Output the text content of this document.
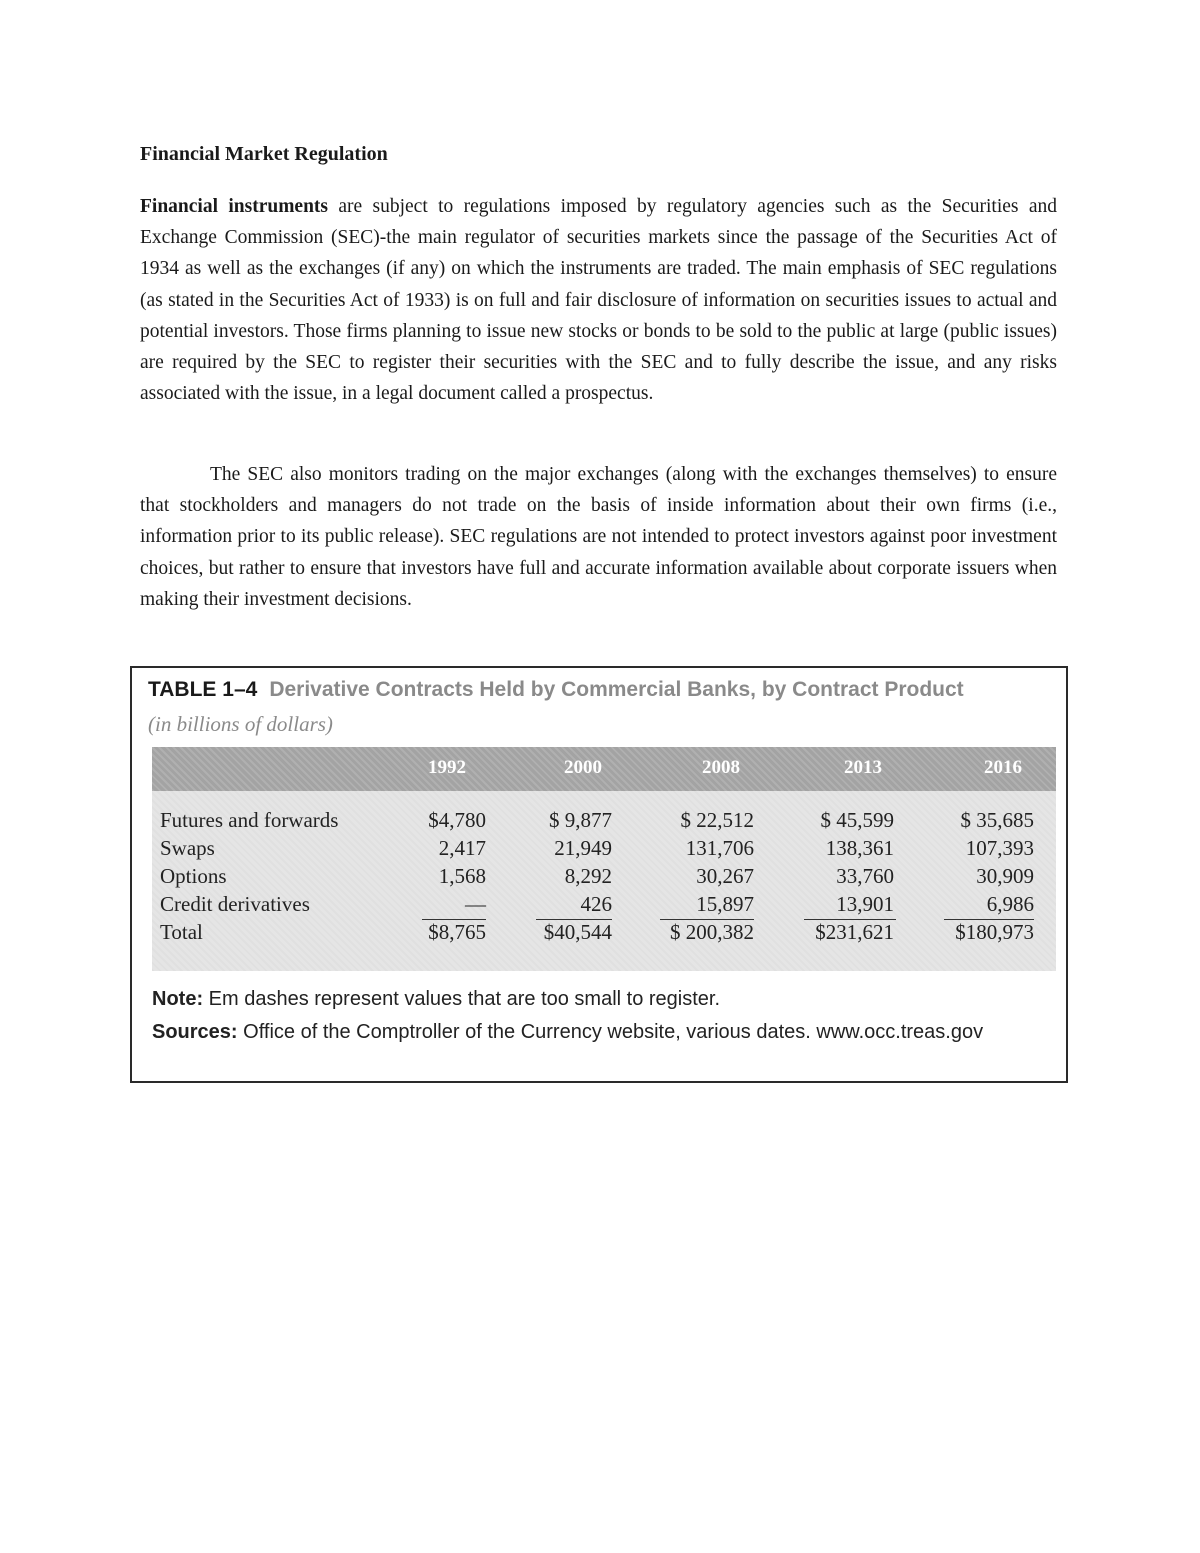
Financial Market Regulation

Financial instruments are subject to regulations imposed by regulatory agencies such as the Securities and Exchange Commission (SEC)-the main regulator of securities markets since the passage of the Securities Act of 1934 as well as the exchanges (if any) on which the instruments are traded. The main emphasis of SEC regulations (as stated in the Securities Act of 1933) is on full and fair disclosure of information on securities issues to actual and potential investors. Those firms planning to issue new stocks or bonds to be sold to the public at large (public issues) are required by the SEC to register their securities with the SEC and to fully describe the issue, and any risks associated with the issue, in a legal document called a prospectus.

The SEC also monitors trading on the major exchanges (along with the exchanges themselves) to ensure that stockholders and managers do not trade on the basis of inside information about their own firms (i.e., information prior to its public release). SEC regulations are not intended to protect investors against poor investment choices, but rather to ensure that investors have full and accurate information available about corporate issuers when making their investment decisions.

TABLE 1–4 Derivative Contracts Held by Commercial Banks, by Contract Product
(in billions of dollars)
1992	2000	2008	2013	2016
Futures and forwards	$4,780	$ 9,877	$ 22,512	$ 45,599	$ 35,685
Swaps	2,417	21,949	131,706	138,361	107,393
Options	1,568	8,292	30,267	33,760	30,909
Credit derivatives	—	426	15,897	13,901	6,986
Total	$8,765	$40,544	$ 200,382	$231,621	$180,973
Note: Em dashes represent values that are too small to register.
Sources: Office of the Comptroller of the Currency website, various dates. www.occ.treas.gov
